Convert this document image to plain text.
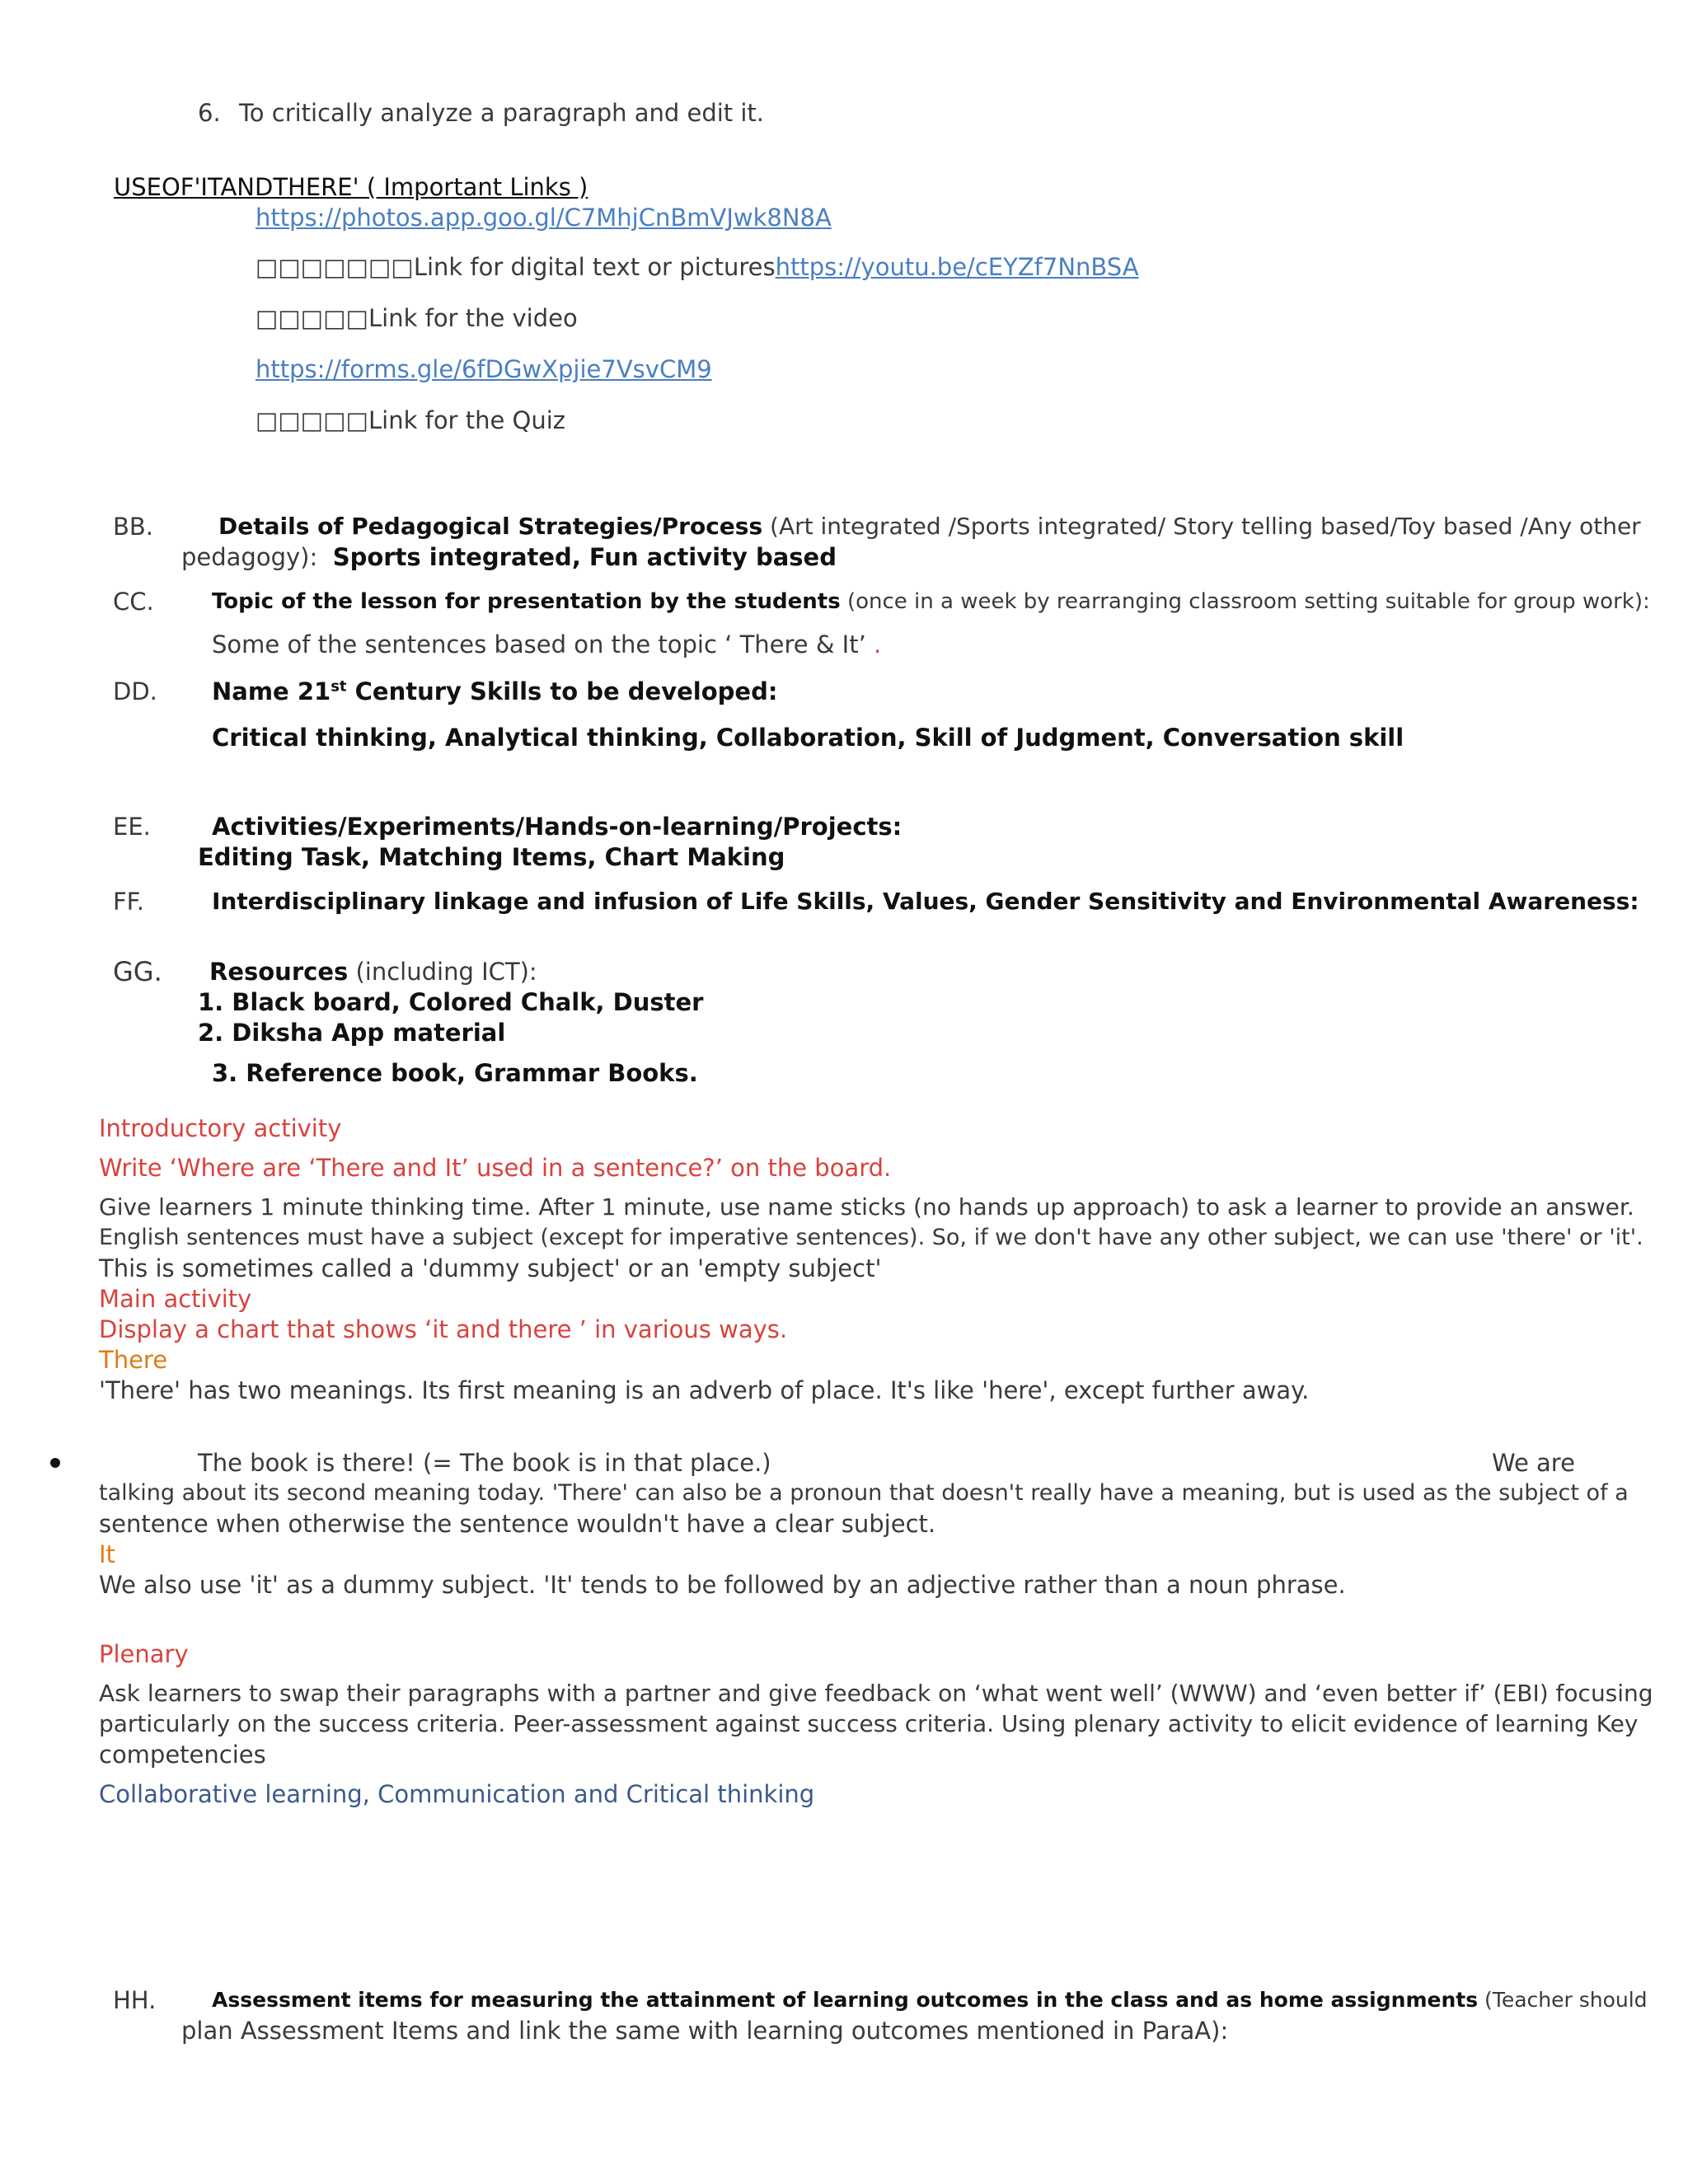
6. To critically analyze a paragraph and edit it.
USEOF'ITANDTHERE' ( Important Links )
https://photos.app.goo.gl/C7MhjCnBmVJwk8N8A
□□□□□□□Link for digital text or pictureshttps://youtu.be/cEYZf7NnBSA
□□□□□Link for the video
https://forms.gle/6fDGwXpjie7VsvCM9
□□□□□Link for the Quiz
BB.	Details of Pedagogical Strategies/Process (Art integrated /Sports integrated/ Story telling based/Toy based /Any other
pedagogy): Sports integrated, Fun activity based
CC.	Topic of the lesson for presentation by the students (once in a week by rearranging classroom setting suitable for group work):
Some of the sentences based on the topic ‘ There & It’ .
DD. Name 21st Century Skills to be developed:
Critical thinking, Analytical thinking, Collaboration, Skill of Judgment, Conversation skill
EE.	Activities/Experiments/Hands-on-learning/Projects:
Editing Task, Matching Items, Chart Making
FF.	Interdisciplinary linkage and infusion of Life Skills, Values, Gender Sensitivity and Environmental Awareness:
GG. Resources (including ICT):
1. Black board, Colored Chalk, Duster
2. Diksha App material
3. Reference book, Grammar Books.
Introductory activity
Write ‘Where are ‘There and It’ used in a sentence?’ on the board.
Give learners 1 minute thinking time. After 1 minute, use name sticks (no hands up approach) to ask a learner to provide an answer.
English sentences must have a subject (except for imperative sentences). So, if we don't have any other subject, we can use 'there' or 'it'.
This is sometimes called a 'dummy subject' or an 'empty subject'
Main activity
Display a chart that shows ‘it and there ’ in various ways.
There
'There' has two meanings. Its first meaning is an adverb of place. It's like 'here', except further away.
The book is there! (= The book is in that place.)	We are
talking about its second meaning today. 'There' can also be a pronoun that doesn't really have a meaning, but is used as the subject of a
sentence when otherwise the sentence wouldn't have a clear subject.
It
We also use 'it' as a dummy subject. 'It' tends to be followed by an adjective rather than a noun phrase.
Plenary
Ask learners to swap their paragraphs with a partner and give feedback on ‘what went well’ (WWW) and ‘even better if’ (EBI) focusing
particularly on the success criteria. Peer-assessment against success criteria. Using plenary activity to elicit evidence of learning Key
competencies
Collaborative learning, Communication and Critical thinking
HH.	Assessment items for measuring the attainment of learning outcomes in the class and as home assignments (Teacher should
plan Assessment Items and link the same with learning outcomes mentioned in ParaA):
